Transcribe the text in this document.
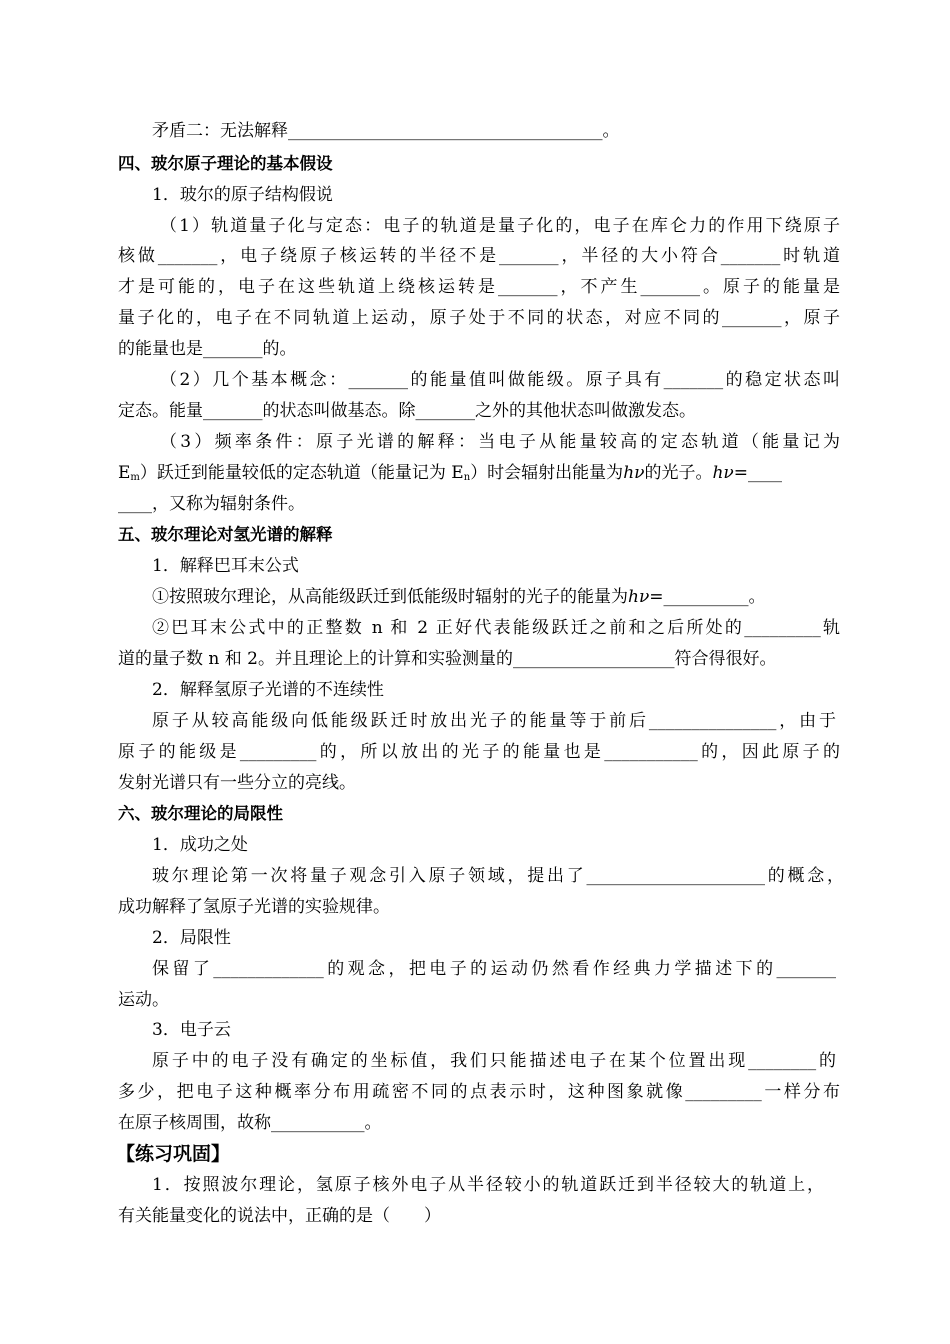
矛盾二：无法解释_____________________________________。
四、玻尔原子理论的基本假设
1．玻尔的原子结构假说
（1）轨道量子化与定态：电子的轨道是量子化的，电子在库仑力的作用下绕原子
核做_______，电子绕原子核运转的半径不是_______，半径的大小符合_______时轨道
才是可能的，电子在这些轨道上绕核运转是_______，不产生_______。原子的能量是
量子化的，电子在不同轨道上运动，原子处于不同的状态，对应不同的_______，原子
的能量也是_______的。
（2）几个基本概念：_______的能量值叫做能级。原子具有_______的稳定状态叫
定态。能量_______的状态叫做基态。除_______之外的其他状态叫做激发态。
（3）频率条件：原子光谱的解释：当电子从能量较高的定态轨道（能量记为
$E_m$）跃迁到能量较低的定态轨道（能量记为 $E_n$）时会辐射出能量为hν的光子。hν=____
____，又称为辐射条件。
五、玻尔理论对氢光谱的解释
1．解释巴耳末公式
①按照玻尔理论，从高能级跃迁到低能级时辐射的光子的能量为hν=__________。
②巴耳末公式中的正整数 n 和 2 正好代表能级跃迁之前和之后所处的_________轨
道的量子数 n 和 2。并且理论上的计算和实验测量的___________________符合得很好。
2．解释氢原子光谱的不连续性
原子从较高能级向低能级跃迁时放出光子的能量等于前后_______________，由于
原子的能级是_________的，所以放出的光子的能量也是___________的，因此原子的
发射光谱只有一些分立的亮线。
六、玻尔理论的局限性
1．成功之处
玻尔理论第一次将量子观念引入原子领域，提出了_____________________的概念，
成功解释了氢原子光谱的实验规律。
2．局限性
保留了_____________的观念，把电子的运动仍然看作经典力学描述下的_______
运动。
3．电子云
原子中的电子没有确定的坐标值，我们只能描述电子在某个位置出现________的
多少，把电子这种概率分布用疏密不同的点表示时，这种图象就像_________一样分布
在原子核周围，故称___________。
【练习巩固】
1．按照波尔理论，氢原子核外电子从半径较小的轨道跃迁到半径较大的轨道上，
有关能量变化的说法中，正确的是（　　）
